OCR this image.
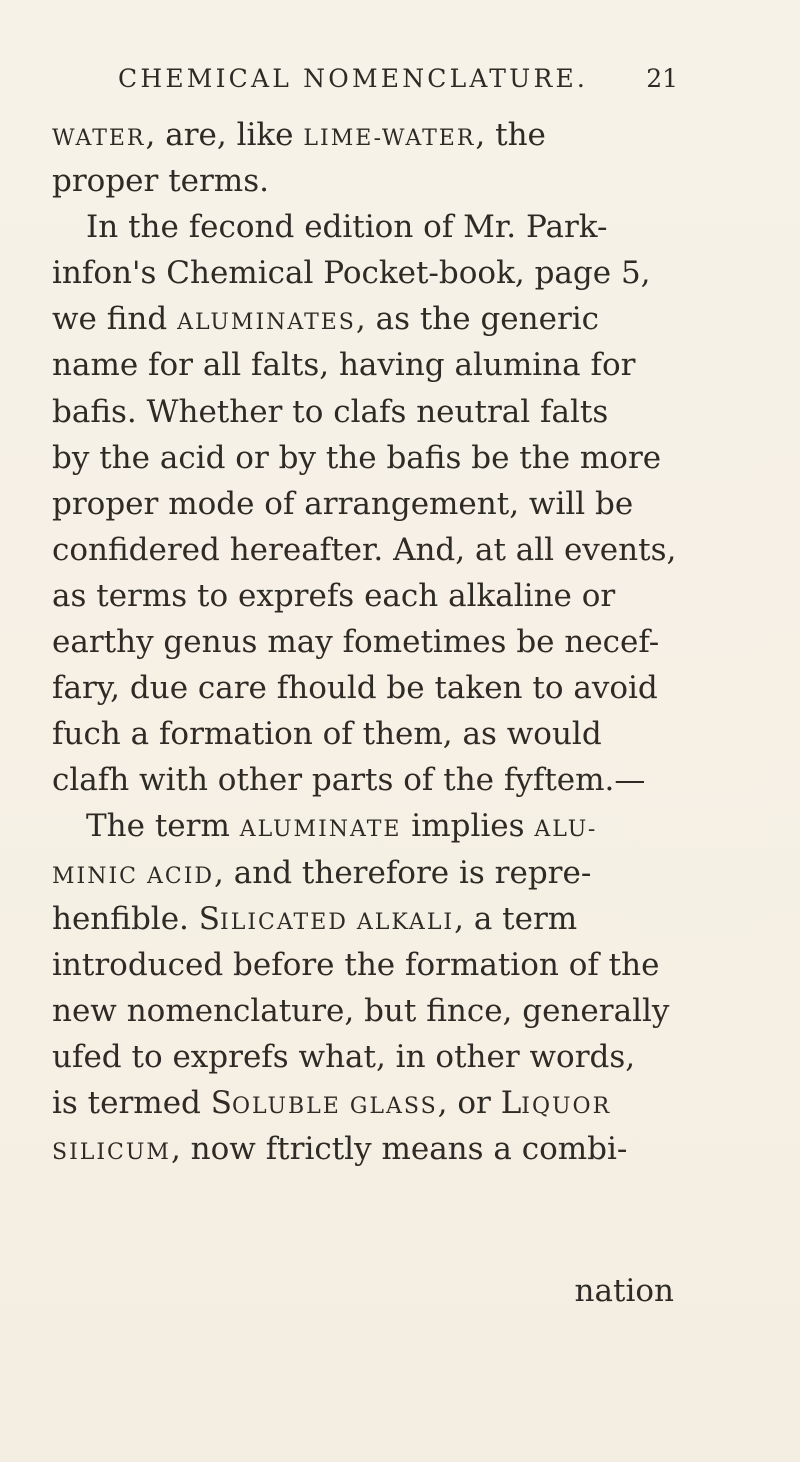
CHEMICAL NOMENCLATURE. 21
WATER, are, like LIME-WATER, the
proper terms.
In the fecond edition of Mr. Park-
infon's Chemical Pocket-book, page 5,
we find ALUMINATES, as the generic
name for all falts, having alumina for
bafis. Whether to clafs neutral falts
by the acid or by the bafis be the more
proper mode of arrangement, will be
confidered hereafter. And, at all events,
as terms to exprefs each alkaline or
earthy genus may fometimes be necef-
fary, due care fhould be taken to avoid
fuch a formation of them, as would
clafh with other parts of the fyftem.—
The term ALUMINATE implies ALU-
MINIC ACID, and therefore is repre-
henfible. SILICATED ALKALI, a term
introduced before the formation of the
new nomenclature, but fince, generally
ufed to exprefs what, in other words,
is termed SOLUBLE GLASS, or LIQUOR
SILICUM, now ftrictly means a combi-
nation
